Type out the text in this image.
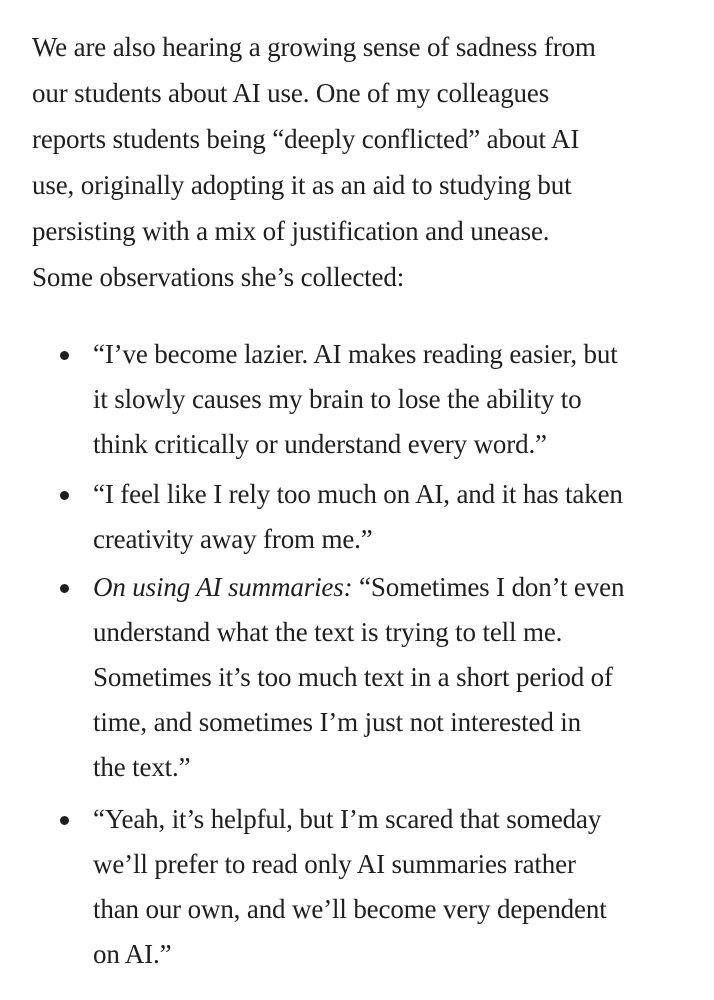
We are also hearing a growing sense of sadness from
our students about AI use. One of my colleagues
reports students being “deeply conflicted” about AI
use, originally adopting it as an aid to studying but
persisting with a mix of justification and unease.
Some observations she’s collected:

“I’ve become lazier. AI makes reading easier, but
it slowly causes my brain to lose the ability to
think critically or understand every word.”
“I feel like I rely too much on AI, and it has taken
creativity away from me.”
On using AI summaries: “Sometimes I don’t even
understand what the text is trying to tell me.
Sometimes it’s too much text in a short period of
time, and sometimes I’m just not interested in
the text.”
“Yeah, it’s helpful, but I’m scared that someday
we’ll prefer to read only AI summaries rather
than our own, and we’ll become very dependent
on AI.”
